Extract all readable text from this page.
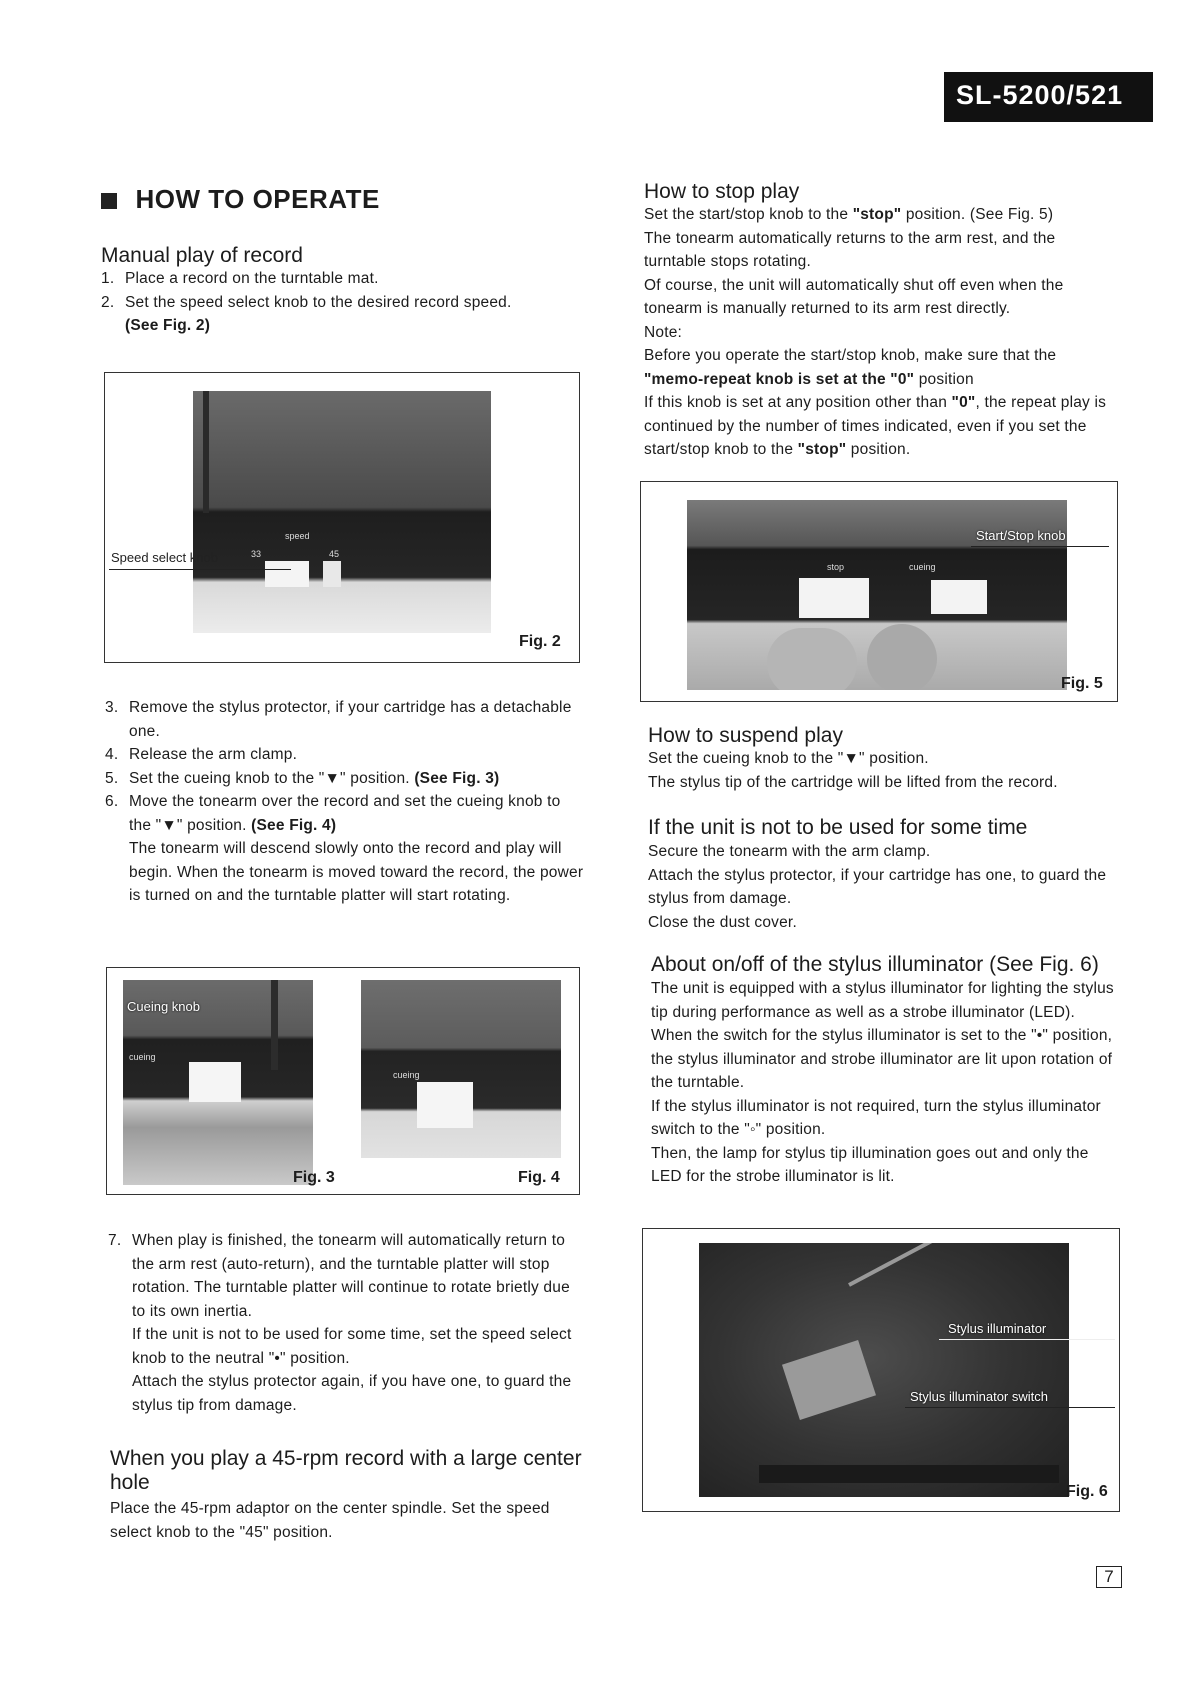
SL-5200/521
HOW TO OPERATE
Manual play of record
1. Place a record on the turntable mat.
2. Set the speed select knob to the desired record speed.
(See Fig. 2)
speed
33	45
Speed select knob
Fig. 2
3. Remove the stylus protector, if your cartridge has a detachable one.
4. Release the arm clamp.
5. Set the cueing knob to the "▼" position. (See Fig. 3)
6. Move the tonearm over the record and set the cueing knob to the "▼" position. (See Fig. 4)
The tonearm will descend slowly onto the record and play will begin. When the tonearm is moved toward the record, the power is turned on and the turntable platter will start rotating.
cueing
Cueing knob
cueing
Fig. 3	Fig. 4
7. When play is finished, the tonearm will automatically return to the arm rest (auto-return), and the turntable platter will stop rotation. The turntable platter will continue to rotate brietly due to its own inertia.
If the unit is not to be used for some time, set the speed select knob to the neutral "•" position.
Attach the stylus protector again, if you have one, to guard the stylus tip from damage.
When you play a 45-rpm record with a large center hole
Place the 45-rpm adaptor on the center spindle. Set the speed select knob to the "45" position.
How to stop play
Set the start/stop knob to the "stop" position. (See Fig. 5)
The tonearm automatically returns to the arm rest, and the turntable stops rotating.
Of course, the unit will automatically shut off even when the tonearm is manually returned to its arm rest directly.
Note:
Before you operate the start/stop knob, make sure that the
"memo-repeat knob is set at the "0" position
If this knob is set at any position other than "0", the repeat play is continued by the number of times indicated, even if you set the start/stop knob to the "stop" position.
stop	cueing
Start/Stop knob
Fig. 5
How to suspend play
Set the cueing knob to the "▼" position.
The stylus tip of the cartridge will be lifted from the record.
If the unit is not to be used for some time
Secure the tonearm with the arm clamp.
Attach the stylus protector, if your cartridge has one, to guard the stylus from damage.
Close the dust cover.
About on/off of the stylus illuminator (See Fig. 6)
The unit is equipped with a stylus illuminator for lighting the stylus tip during performance as well as a strobe illuminator (LED).
When the switch for the stylus illuminator is set to the "•" position, the stylus illuminator and strobe illuminator are lit upon rotation of the turntable.
If the stylus illuminator is not required, turn the stylus illuminator switch to the "◦" position.
Then, the lamp for stylus tip illumination goes out and only the LED for the strobe illuminator is lit.
Stylus illuminator
Stylus illuminator switch
Fig. 6
7
